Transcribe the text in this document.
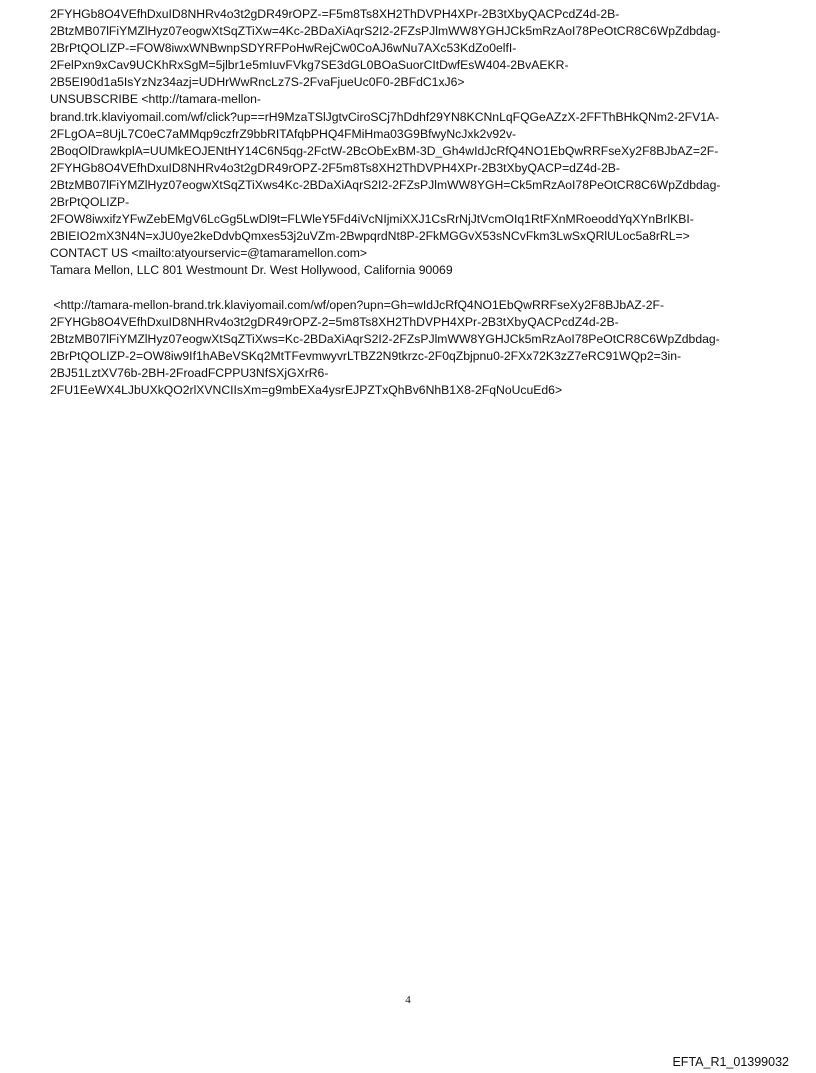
2FYHGb8O4VEfhDxuID8NHRv4o3t2gDR49rOPZ-=F5m8Ts8XH2ThDVPH4XPr-2B3tXbyQACPcdZ4d-2B-
2BtzMB07lFiYMZlHyz07eogwXtSqZTiXw=4Kc-2BDaXiAqrS2I2-2FZsPJlmWW8YGHJCk5mRzAoI78PeOtCR8C6WpZdbdag-
2BrPtQOLIZP-=FOW8iwxWNBwnpSDYRFPoHwRejCw0CoAJ6wNu7AXc53KdZo0elfI-
2FelPxn9xCav9UCKhRxSgM=5jlbr1e5mIuvFVkg7SE3dGL0BOaSuorCItDwfEsW404-2BvAEKR-
2B5EI90d1a5IsYzNz34azj=UDHrWwRncLz7S-2FvaFjueUc0F0-2BFdC1xJ6>
UNSUBSCRIBE <http://tamara-mellon-
brand.trk.klaviyomail.com/wf/click?up==rH9MzaTSlJgtvCiroSCj7hDdhf29YN8KCNnLqFQGeAZzX-2FFThBHkQNm2-2FV1A-
2FLgOA=8UjL7C0eC7aMMqp9czfrZ9bbRITAfqbPHQ4FMiHma03G9BfwyNcJxk2v92v-
2BoqOlDrawkplA=UUMkEOJENtHY14C6N5qg-2FctW-2BcObExBM-3D_Gh4wIdJcRfQ4NO1EbQwRRFseXy2F8BJbAZ=2F-
2FYHGb8O4VEfhDxuID8NHRv4o3t2gDR49rOPZ-2F5m8Ts8XH2ThDVPH4XPr-2B3tXbyQACP=dZ4d-2B-
2BtzMB07lFiYMZlHyz07eogwXtSqZTiXws4Kc-2BDaXiAqrS2I2-2FZsPJlmWW8YGH=Ck5mRzAoI78PeOtCR8C6WpZdbdag-
2BrPtQOLIZP-
2FOW8iwxifzYFwZebEMgV6LcGg5LwDl9t=FLWleY5Fd4iVcNIjmiXXJ1CsRrNjJtVcmOIq1RtFXnMRoeoddYqXYnBrlKBI-
2BIEIO2mX3N4N=xJU0ye2keDdvbQmxes53j2uVZm-2BwpqrdNt8P-2FkMGGvX53sNCvFkm3LwSxQRlULoc5a8rRL=>
CONTACT US <mailto:atyourservic=@tamaramellon.com>
Tamara Mellon, LLC 801 Westmount Dr. West Hollywood, California 90069
<http://tamara-mellon-brand.trk.klaviyomail.com/wf/open?upn=Gh=wIdJcRfQ4NO1EbQwRRFseXy2F8BJbAZ-2F-
2FYHGb8O4VEfhDxuID8NHRv4o3t2gDR49rOPZ-2=5m8Ts8XH2ThDVPH4XPr-2B3tXbyQACPcdZ4d-2B-
2BtzMB07lFiYMZlHyz07eogwXtSqZTiXws=Kc-2BDaXiAqrS2I2-2FZsPJlmWW8YGHJCk5mRzAoI78PeOtCR8C6WpZdbdag-
2BrPtQOLIZP-2=OW8iw9If1hABeVSKq2MtTFevmwyvrLTBZ2N9tkrzc-2F0qZbjpnu0-2FXx72K3zZ7eRC91WQp2=3in-
2BJ51LztXV76b-2BH-2FroadFCPPU3NfSXjGXrR6-
2FU1EeWX4LJbUXkQO2rlXVNCIIsXm=g9mbEXa4ysrEJPZTxQhBv6NhB1X8-2FqNoUcuEd6>
4
EFTA_R1_01399032
